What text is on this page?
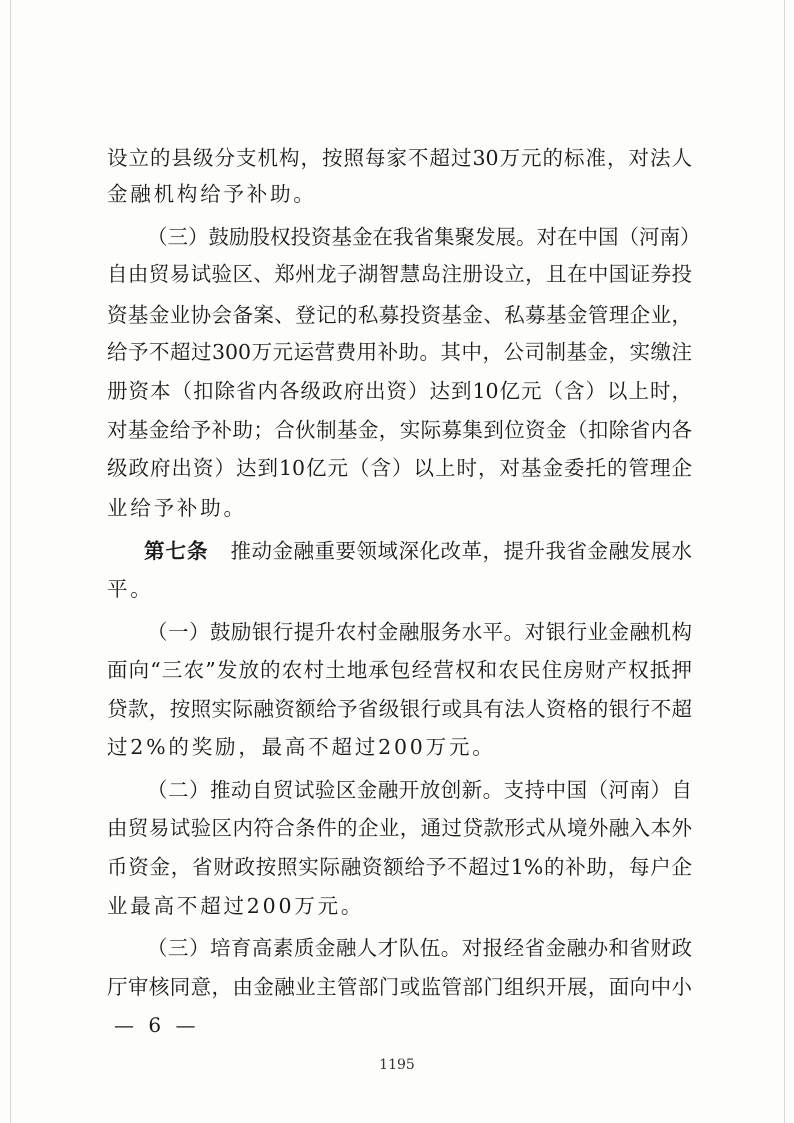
设立的县级分支机构，按照每家不超过30万元的标准，对法人
金融机构给予补助。
（三）鼓励股权投资基金在我省集聚发展。对在中国（河南）
自由贸易试验区、郑州龙子湖智慧岛注册设立，且在中国证券投
资基金业协会备案、登记的私募投资基金、私募基金管理企业，
给予不超过300万元运营费用补助。其中，公司制基金，实缴注
册资本（扣除省内各级政府出资）达到10亿元（含）以上时，
对基金给予补助；合伙制基金，实际募集到位资金（扣除省内各
级政府出资）达到10亿元（含）以上时，对基金委托的管理企
业给予补助。
第七条 推动金融重要领域深化改革，提升我省金融发展水
平。
（一）鼓励银行提升农村金融服务水平。对银行业金融机构
面向“三农”发放的农村土地承包经营权和农民住房财产权抵押
贷款，按照实际融资额给予省级银行或具有法人资格的银行不超
过2%的奖励，最高不超过200万元。
（二）推动自贸试验区金融开放创新。支持中国（河南）自
由贸易试验区内符合条件的企业，通过贷款形式从境外融入本外
币资金，省财政按照实际融资额给予不超过1%的补助，每户企
业最高不超过200万元。
（三）培育高素质金融人才队伍。对报经省金融办和省财政
厅审核同意，由金融业主管部门或监管部门组织开展，面向中小
— 6 —
1195
